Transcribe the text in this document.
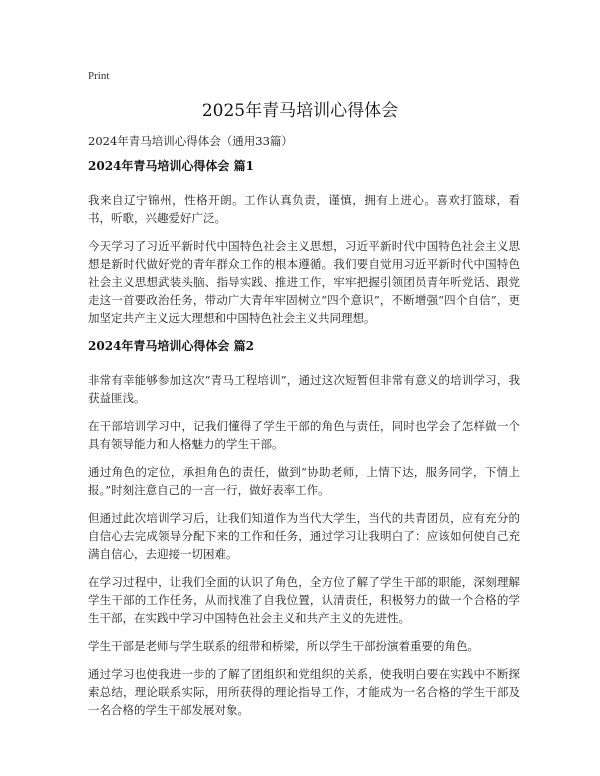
Print
2025年青马培训心得体会

2024年青马培训心得体会（通用33篇）

2024年青马培训心得体会 篇1

我来自辽宁锦州，性格开朗。工作认真负责，谨慎，拥有上进心。喜欢打篮球，看书，听歌，兴趣爱好广泛。

今天学习了习近平新时代中国特色社会主义思想，习近平新时代中国特色社会主义思想是新时代做好党的青年群众工作的根本遵循。我们要自觉用习近平新时代中国特色社会主义思想武装头脑、指导实践、推进工作，牢牢把握引领团员青年听党话、跟党走这一首要政治任务，带动广大青年牢固树立“四个意识”，不断增强“四个自信”，更加坚定共产主义远大理想和中国特色社会主义共同理想。

2024年青马培训心得体会 篇2

非常有幸能够参加这次“青马工程培训”，通过这次短暂但非常有意义的培训学习，我获益匪浅。

在干部培训学习中，记我们懂得了学生干部的角色与责任，同时也学会了怎样做一个具有领导能力和人格魅力的学生干部。

通过角色的定位，承担角色的责任，做到“协助老师，上情下达，服务同学，下情上报。”时刻注意自己的一言一行，做好表率工作。

但通过此次培训学习后，让我们知道作为当代大学生，当代的共青团员，应有充分的自信心去完成领导分配下来的工作和任务，通过学习让我明白了：应该如何使自己充满自信心，去迎接一切困难。

在学习过程中，让我们全面的认识了角色，全方位了解了学生干部的职能，深刻理解学生干部的工作任务，从而找准了自我位置，认清责任，积极努力的做一个合格的学生干部，在实践中学习中国特色社会主义和共产主义的先进性。

学生干部是老师与学生联系的纽带和桥梁，所以学生干部扮演着重要的角色。

通过学习也使我进一步的了解了团组织和党组织的关系，使我明白要在实践中不断探索总结，理论联系实际，用所获得的理论指导工作，才能成为一名合格的学生干部及一名合格的学生干部发展对象。
